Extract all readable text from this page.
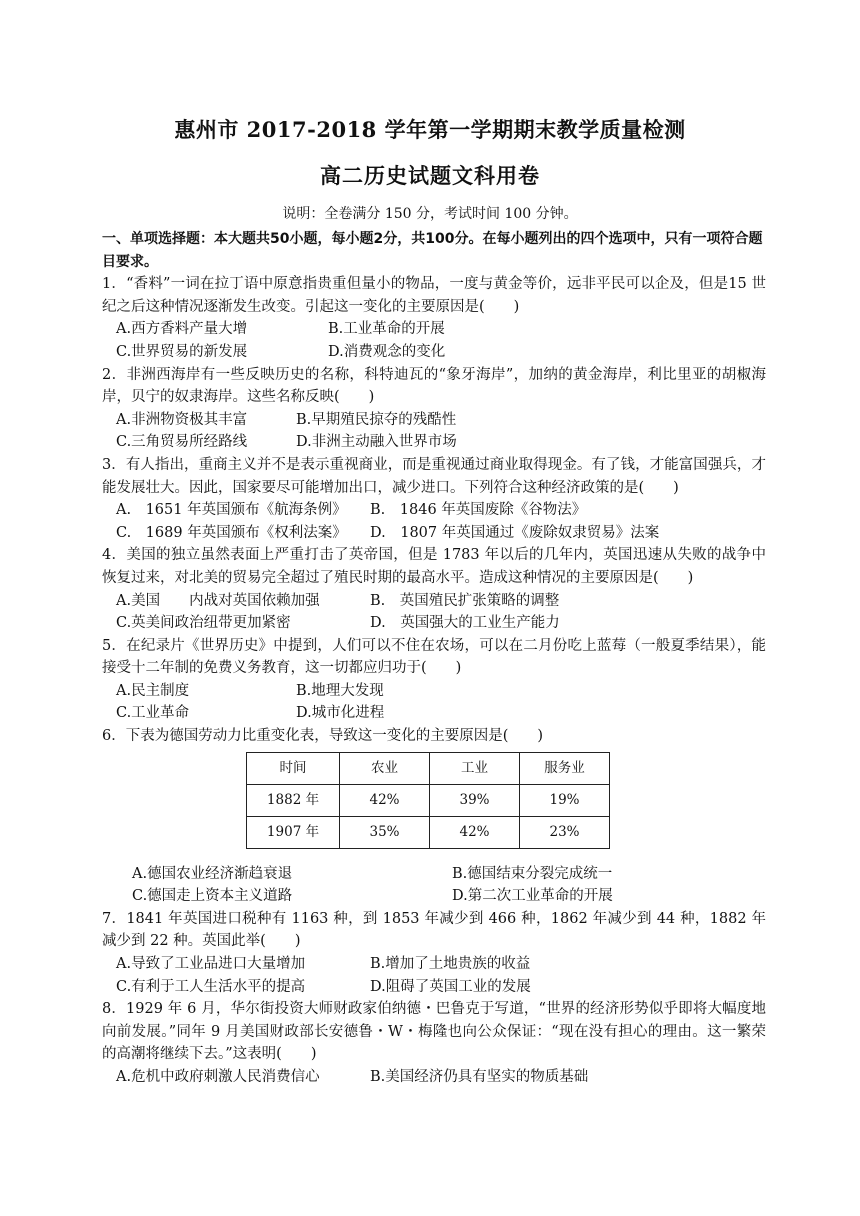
惠州市 2017-2018 学年第一学期期末教学质量检测
高二历史试题文科用卷
说明：全卷满分 150 分，考试时间 100 分钟。
一、单项选择题：本大题共50小题，每小题2分，共100分。在每小题列出的四个选项中，只有一项符合题目要求。

1．“香料”一词在拉丁语中原意指贵重但量小的物品，一度与黄金等价，远非平民可以企及，但是15 世纪之后这种情况逐渐发生改变。引起这一变化的主要原因是(　　)

A.西方香料产量大增	B.工业革命的开展
C.世界贸易的新发展	D.消费观念的变化

2．非洲西海岸有一些反映历史的名称，科特迪瓦的“象牙海岸”，加纳的黄金海岸，利比里亚的胡椒海岸，贝宁的奴隶海岸。这些名称反映(　　)

A.非洲物资极其丰富	B.早期殖民掠夺的残酷性
C.三角贸易所经路线	D.非洲主动融入世界市场

3．有人指出，重商主义并不是表示重视商业，而是重视通过商业取得现金。有了钱，才能富国强兵，才能发展壮大。因此，国家要尽可能增加出口，减少进口。下列符合这种经济政策的是(　　)

A.　1651 年英国颁布《航海条例》	B.　1846 年英国废除《谷物法》
C.　1689 年英国颁布《权利法案》	D.　1807 年英国通过《废除奴隶贸易》法案

4．美国的独立虽然表面上严重打击了英帝国，但是 1783 年以后的几年内，英国迅速从失败的战争中恢复过来，对北美的贸易完全超过了殖民时期的最高水平。造成这种情况的主要原因是(　　)

A.美国　　内战对英国依赖加强	B.　英国殖民扩张策略的调整
C.英美间政治纽带更加紧密	D.　英国强大的工业生产能力

5．在纪录片《世界历史》中提到，人们可以不住在农场，可以在二月份吃上蓝莓（一般夏季结果），能接受十二年制的免费义务教育，这一切都应归功于(　　)

A.民主制度	B.地理大发现
C.工业革命	D.城市化进程

6．下表为德国劳动力比重变化表，导致这一变化的主要原因是(　　)

时间	农业	工业	服务业
1882 年	42%	39%	19%
1907 年	35%	42%	23%
A.德国农业经济渐趋衰退	B.德国结束分裂完成统一
C.德国走上资本主义道路	D.第二次工业革命的开展

7．1841 年英国进口税种有 1163 种，到 1853 年减少到 466 种，1862 年减少到 44 种，1882 年减少到 22 种。英国此举(　　)

A.导致了工业品进口大量增加	B.增加了土地贵族的收益
C.有利于工人生活水平的提高	D.阻碍了英国工业的发展

8．1929 年 6 月，华尔街投资大师财政家伯纳德・巴鲁克于写道，“世界的经济形势似乎即将大幅度地向前发展。”同年 9 月美国财政部长安德鲁・W・梅隆也向公众保证：“现在没有担心的理由。这一繁荣的高潮将继续下去。”这表明(　　)

A.危机中政府刺激人民消费信心	B.美国经济仍具有坚实的物质基础
